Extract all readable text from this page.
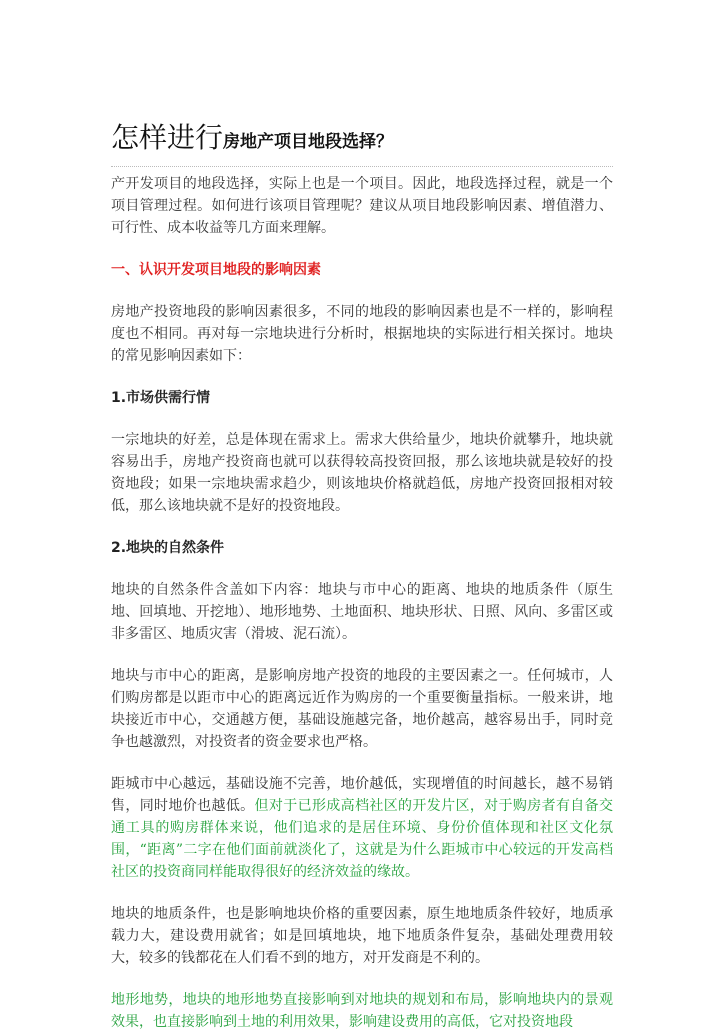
怎样进行房地产项目地段选择？

产开发项目的地段选择，实际上也是一个项目。因此，地段选择过程，就是一个项目管理过程。如何进行该项目管理呢？建议从项目地段影响因素、增值潜力、可行性、成本收益等几方面来理解。

一、认识开发项目地段的影响因素

房地产投资地段的影响因素很多，不同的地段的影响因素也是不一样的，影响程度也不相同。再对每一宗地块进行分析时，根据地块的实际进行相关探讨。地块的常见影响因素如下：

1.市场供需行情

一宗地块的好差，总是体现在需求上。需求大供给量少，地块价就攀升，地块就容易出手，房地产投资商也就可以获得较高投资回报，那么该地块就是较好的投资地段；如果一宗地块需求趋少，则该地块价格就趋低，房地产投资回报相对较低，那么该地块就不是好的投资地段。

2.地块的自然条件

地块的自然条件含盖如下内容：地块与市中心的距离、地块的地质条件（原生地、回填地、开挖地）、地形地势、土地面积、地块形状、日照、风向、多雷区或非多雷区、地质灾害（滑坡、泥石流）。

地块与市中心的距离，是影响房地产投资的地段的主要因素之一。任何城市，人们购房都是以距市中心的距离远近作为购房的一个重要衡量指标。一般来讲，地块接近市中心，交通越方便，基础设施越完备，地价越高，越容易出手，同时竞争也越激烈，对投资者的资金要求也严格。

距城市中心越远，基础设施不完善，地价越低，实现增值的时间越长，越不易销售，同时地价也越低。但对于已形成高档社区的开发片区，对于购房者有自备交通工具的购房群体来说，他们追求的是居住环境、身份价值体现和社区文化氛围，“距离”二字在他们面前就淡化了，这就是为什么距城市中心较远的开发高档社区的投资商同样能取得很好的经济效益的缘故。

地块的地质条件，也是影响地块价格的重要因素，原生地地质条件较好，地质承载力大，建设费用就省；如是回填地块，地下地质条件复杂，基础处理费用较大，较多的钱都花在人们看不到的地方，对开发商是不利的。

地形地势，地块的地形地势直接影响到对地块的规划和布局，影响地块内的景观效果，也直接影响到土地的利用效果，影响建设费用的高低，它对投资地段
